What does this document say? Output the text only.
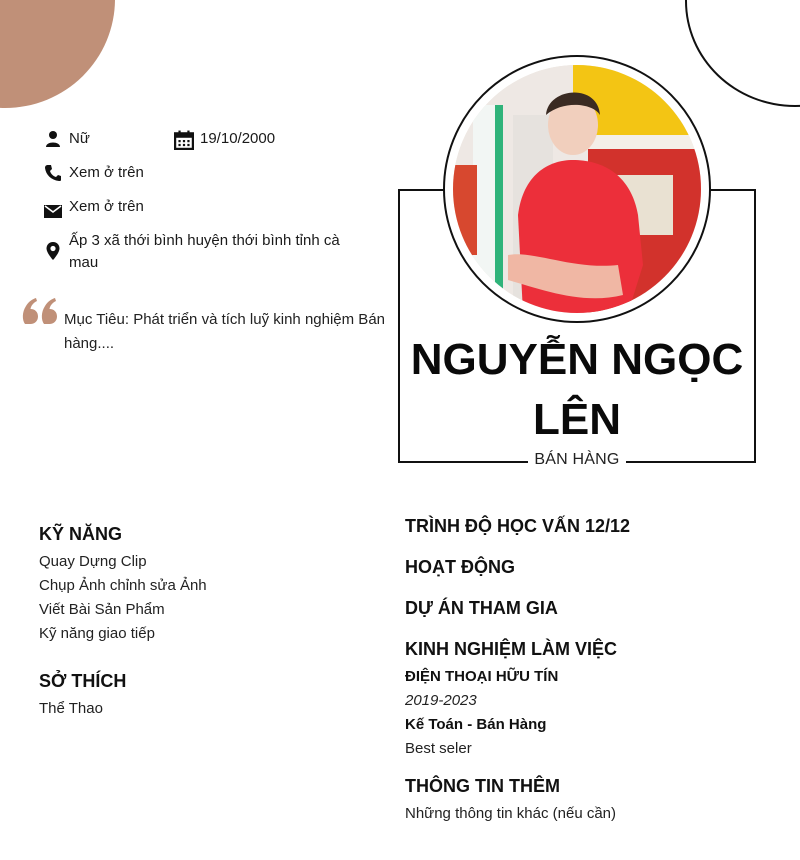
Nữ	19/10/2000
Xem ở trên
Xem ở trên
Ấp 3 xã thới bình huyện thới bình tỉnh cà mau
Mục Tiêu: Phát triển và tích luỹ kinh nghiệm Bán hàng....	NGUYỄN NGỌC LÊN
BÁN HÀNG
KỸ NĂNG
Quay Dựng Clip
Chụp Ảnh chỉnh sửa Ảnh
Viết Bài Sản Phẩm
Kỹ năng giao tiếp
SỞ THÍCH
Thể Thao
TRÌNH ĐỘ HỌC VẤN 12/12
HOẠT ĐỘNG
DỰ ÁN THAM GIA
KINH NGHIỆM LÀM VIỆC
ĐIỆN THOẠI HỮU TÍN
2019-2023
Kế Toán - Bán Hàng
Best seler
THÔNG TIN THÊM
Những thông tin khác (nếu cần)
